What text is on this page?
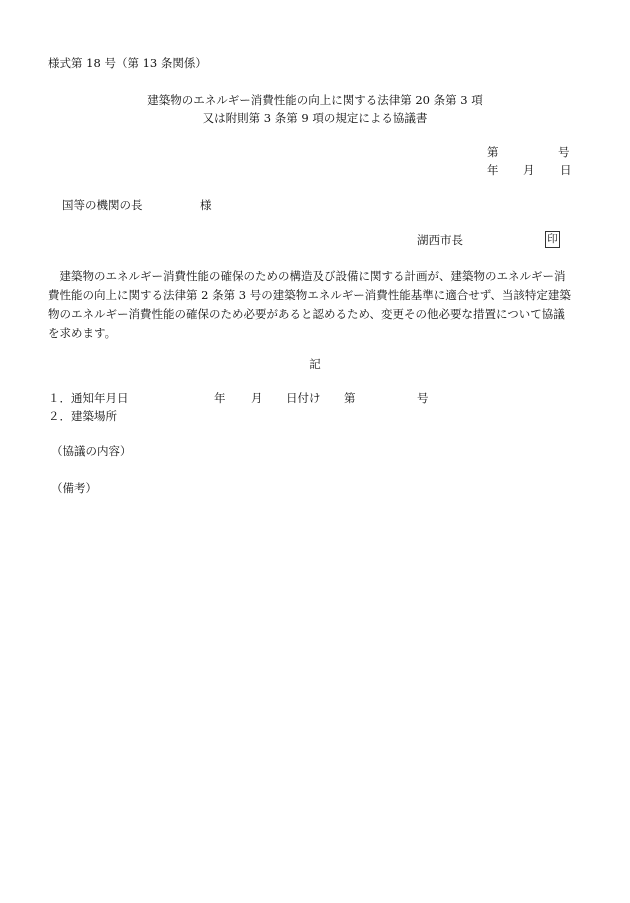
様式第 18 号（第 13 条関係）
建築物のエネルギー消費性能の向上に関する法律第 20 条第 3 項
又は附則第 3 条第 9 項の規定による協議書
第	号
年 月 日
国等の機関の長	様
湖西市長	印
　建築物のエネルギー消費性能の確保のための構造及び設備に関する計画が、建築物のエネルギー消
費性能の向上に関する法律第 2 条第 3 号の建築物エネルギー消費性能基準に適合せず、当該特定建築
物のエネルギー消費性能の確保のため必要があると認めるため、変更その他必要な措置について協議
を求めます。
記
１．通知年月日	年 月 日付け 第	号
２．建築場所
（協議の内容）
（備考）
